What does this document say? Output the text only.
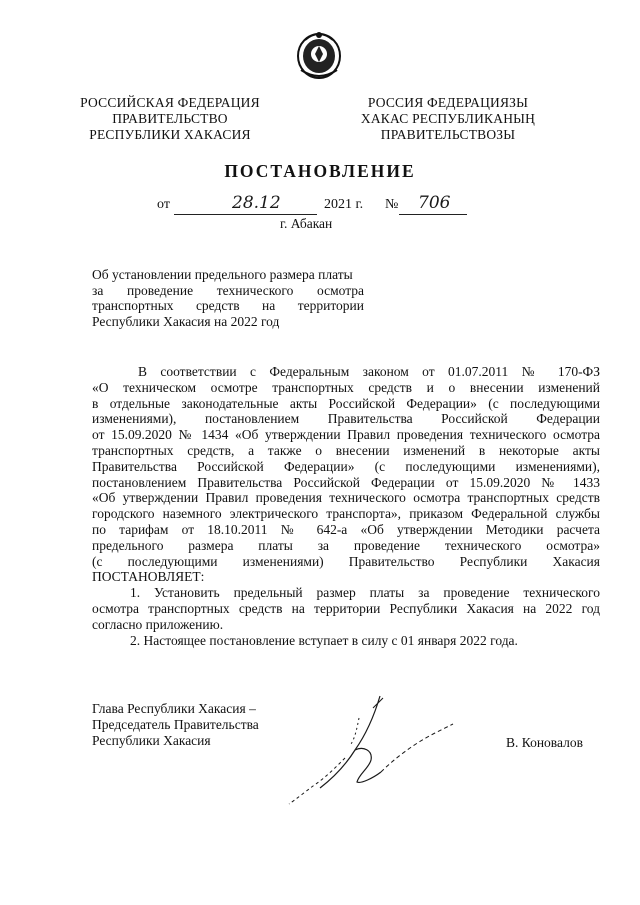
РОССИЙСКАЯ ФЕДЕРАЦИЯ
ПРАВИТЕЛЬСТВО
РЕСПУБЛИКИ ХАКАСИЯ
РОССИЯ ФЕДЕРАЦИЯЗЫ
ХАКАС РЕСПУБЛИКАНЫҢ
ПРАВИТЕЛЬСТВОЗЫ
ПОСТАНОВЛЕНИЕ
от	28.12	2021 г. № 706
г. Абакан
Об установлении предельного размера платы
за проведение технического осмотра
транспортных средств на территории
Республики Хакасия на 2022 год
В соответствии с Федеральным законом от 01.07.2011 № 170-ФЗ
«О техническом осмотре транспортных средств и о внесении изменений
в отдельные законодательные акты Российской Федерации» (с последующими
изменениями), постановлением Правительства Российской Федерации
от 15.09.2020 № 1434 «Об утверждении Правил проведения технического осмотра
транспортных средств, а также о внесении изменений в некоторые акты
Правительства Российской Федерации» (с последующими изменениями),
постановлением Правительства Российской Федерации от 15.09.2020 № 1433
«Об утверждении Правил проведения технического осмотра транспортных средств
городского наземного электрического транспорта», приказом Федеральной службы
по тарифам от 18.10.2011 № 642-а «Об утверждении Методики расчета
предельного размера платы за проведение технического осмотра»
(с последующими изменениями) Правительство Республики Хакасия
ПОСТАНОВЛЯЕТ:
1. Установить предельный размер платы за проведение технического
осмотра транспортных средств на территории Республики Хакасия на 2022 год
согласно приложению.
2. Настоящее постановление вступает в силу с 01 января 2022 года.
Глава Республики Хакасия –
Председатель Правительства
Республики Хакасия	В. Коновалов
